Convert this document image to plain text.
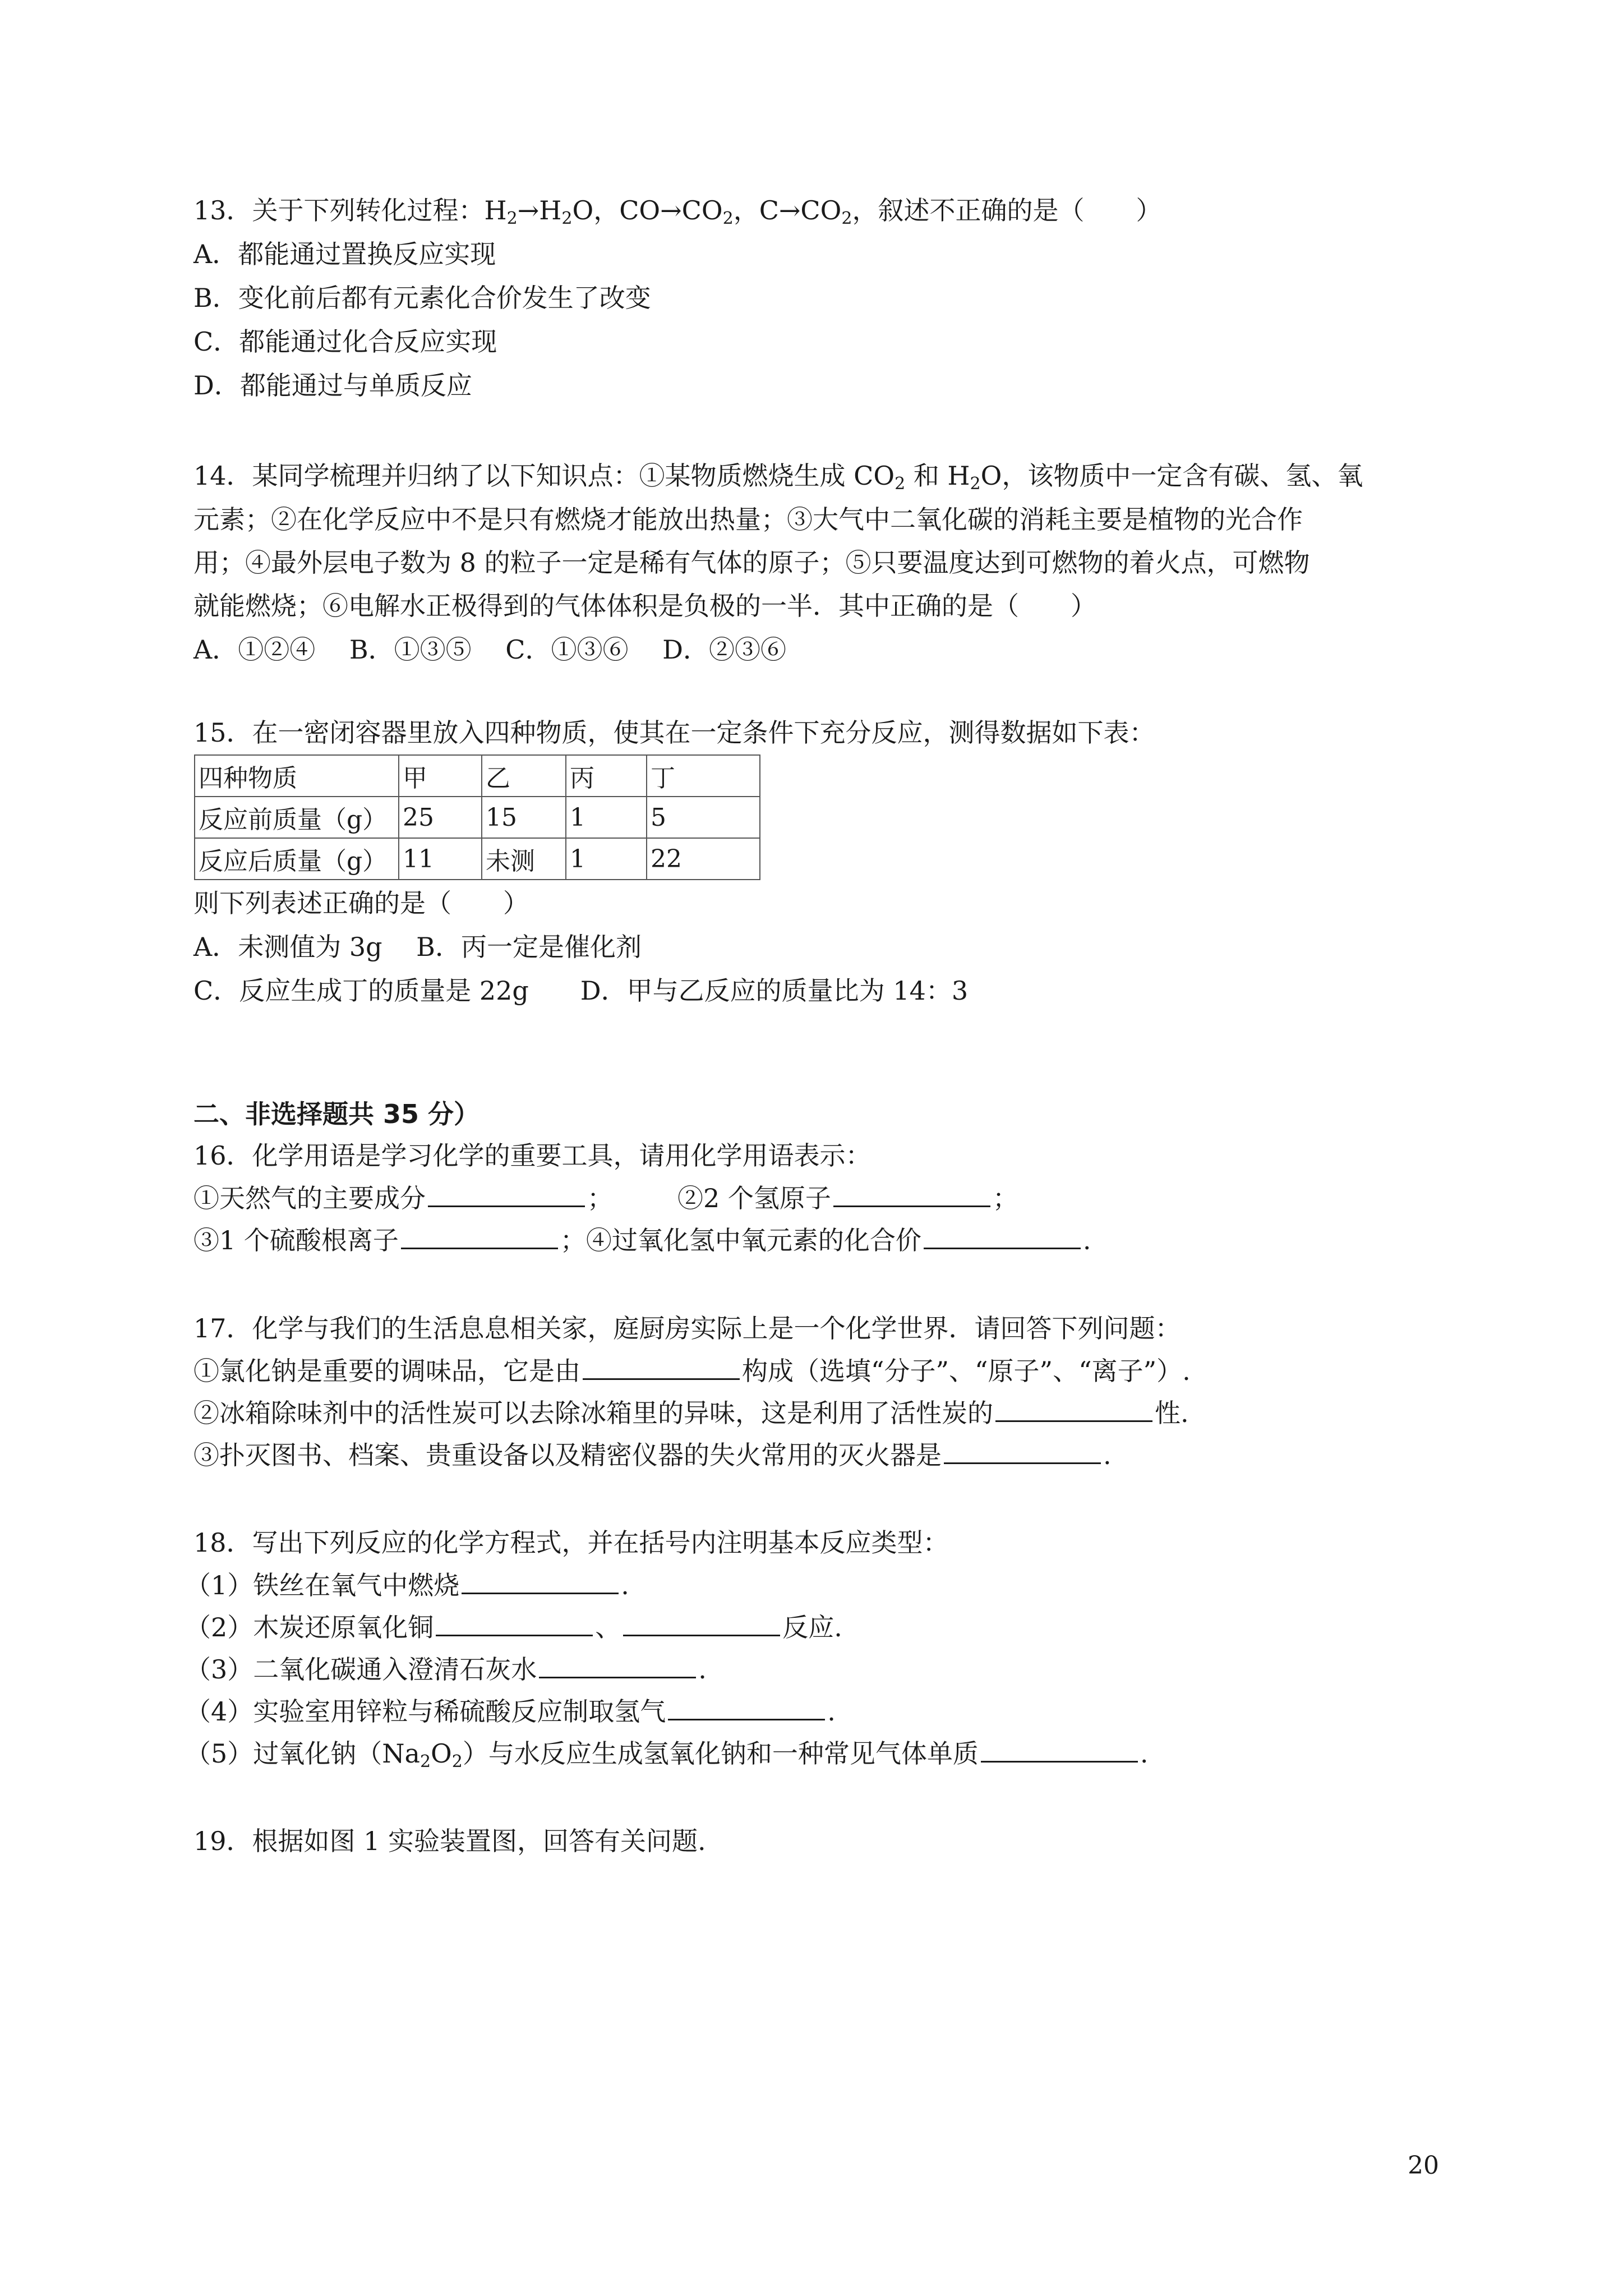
13．关于下列转化过程：$H_2\to H_2O$，$CO\to CO_2$，$C\to CO_2$，叙述不正确的是（　　）
A．都能通过置换反应实现
B．变化前后都有元素化合价发生了改变
C．都能通过化合反应实现
D．都能通过与单质反应
14．某同学梳理并归纳了以下知识点：①某物质燃烧生成 $CO_2$ 和 $H_2O$，该物质中一定含有碳、氢、氧
元素；②在化学反应中不是只有燃烧才能放出热量；③大气中二氧化碳的消耗主要是植物的光合作
用；④最外层电子数为 8 的粒子一定是稀有气体的原子；⑤只要温度达到可燃物的着火点，可燃物
就能燃烧；⑥电解水正极得到的气体体积是负极的一半．其中正确的是（　　）
A．①②④　 B．①③⑤　 C．①③⑥　 D．②③⑥
15．在一密闭容器里放入四种物质，使其在一定条件下充分反应，测得数据如下表：
四种物质	甲	乙	丙	丁
反应前质量（g）	25	15	1	5
反应后质量（g）	11	未测	1	22
则下列表述正确的是（　　）
A．未测值为 3g　 B．丙一定是催化剂
C．反应生成丁的质量是 22g　　D．甲与乙反应的质量比为 14：3
二、非选择题共 35 分）
16．化学用语是学习化学的重要工具，请用化学用语表示：
①天然气的主要成分	；　　　②2 个氢原子	；
③1 个硫酸根离子	；④过氧化氢中氧元素的化合价	.
17．化学与我们的生活息息相关家，庭厨房实际上是一个化学世界．请回答下列问题：
①氯化钠是重要的调味品，它是由	构成（选填“分子”、“原子”、“离子”）.
②冰箱除味剂中的活性炭可以去除冰箱里的异味，这是利用了活性炭的	性.
③扑灭图书、档案、贵重设备以及精密仪器的失火常用的灭火器是	.
18．写出下列反应的化学方程式，并在括号内注明基本反应类型：
（1）铁丝在氧气中燃烧	.
（2）木炭还原氧化铜	、	反应.
（3）二氧化碳通入澄清石灰水	.
（4）实验室用锌粒与稀硫酸反应制取氢气	.
（5）过氧化钠$(Na_2O_2)$与水反应生成氢氧化钠和一种常见气体单质	.
19．根据如图 1 实验装置图，回答有关问题.
20
